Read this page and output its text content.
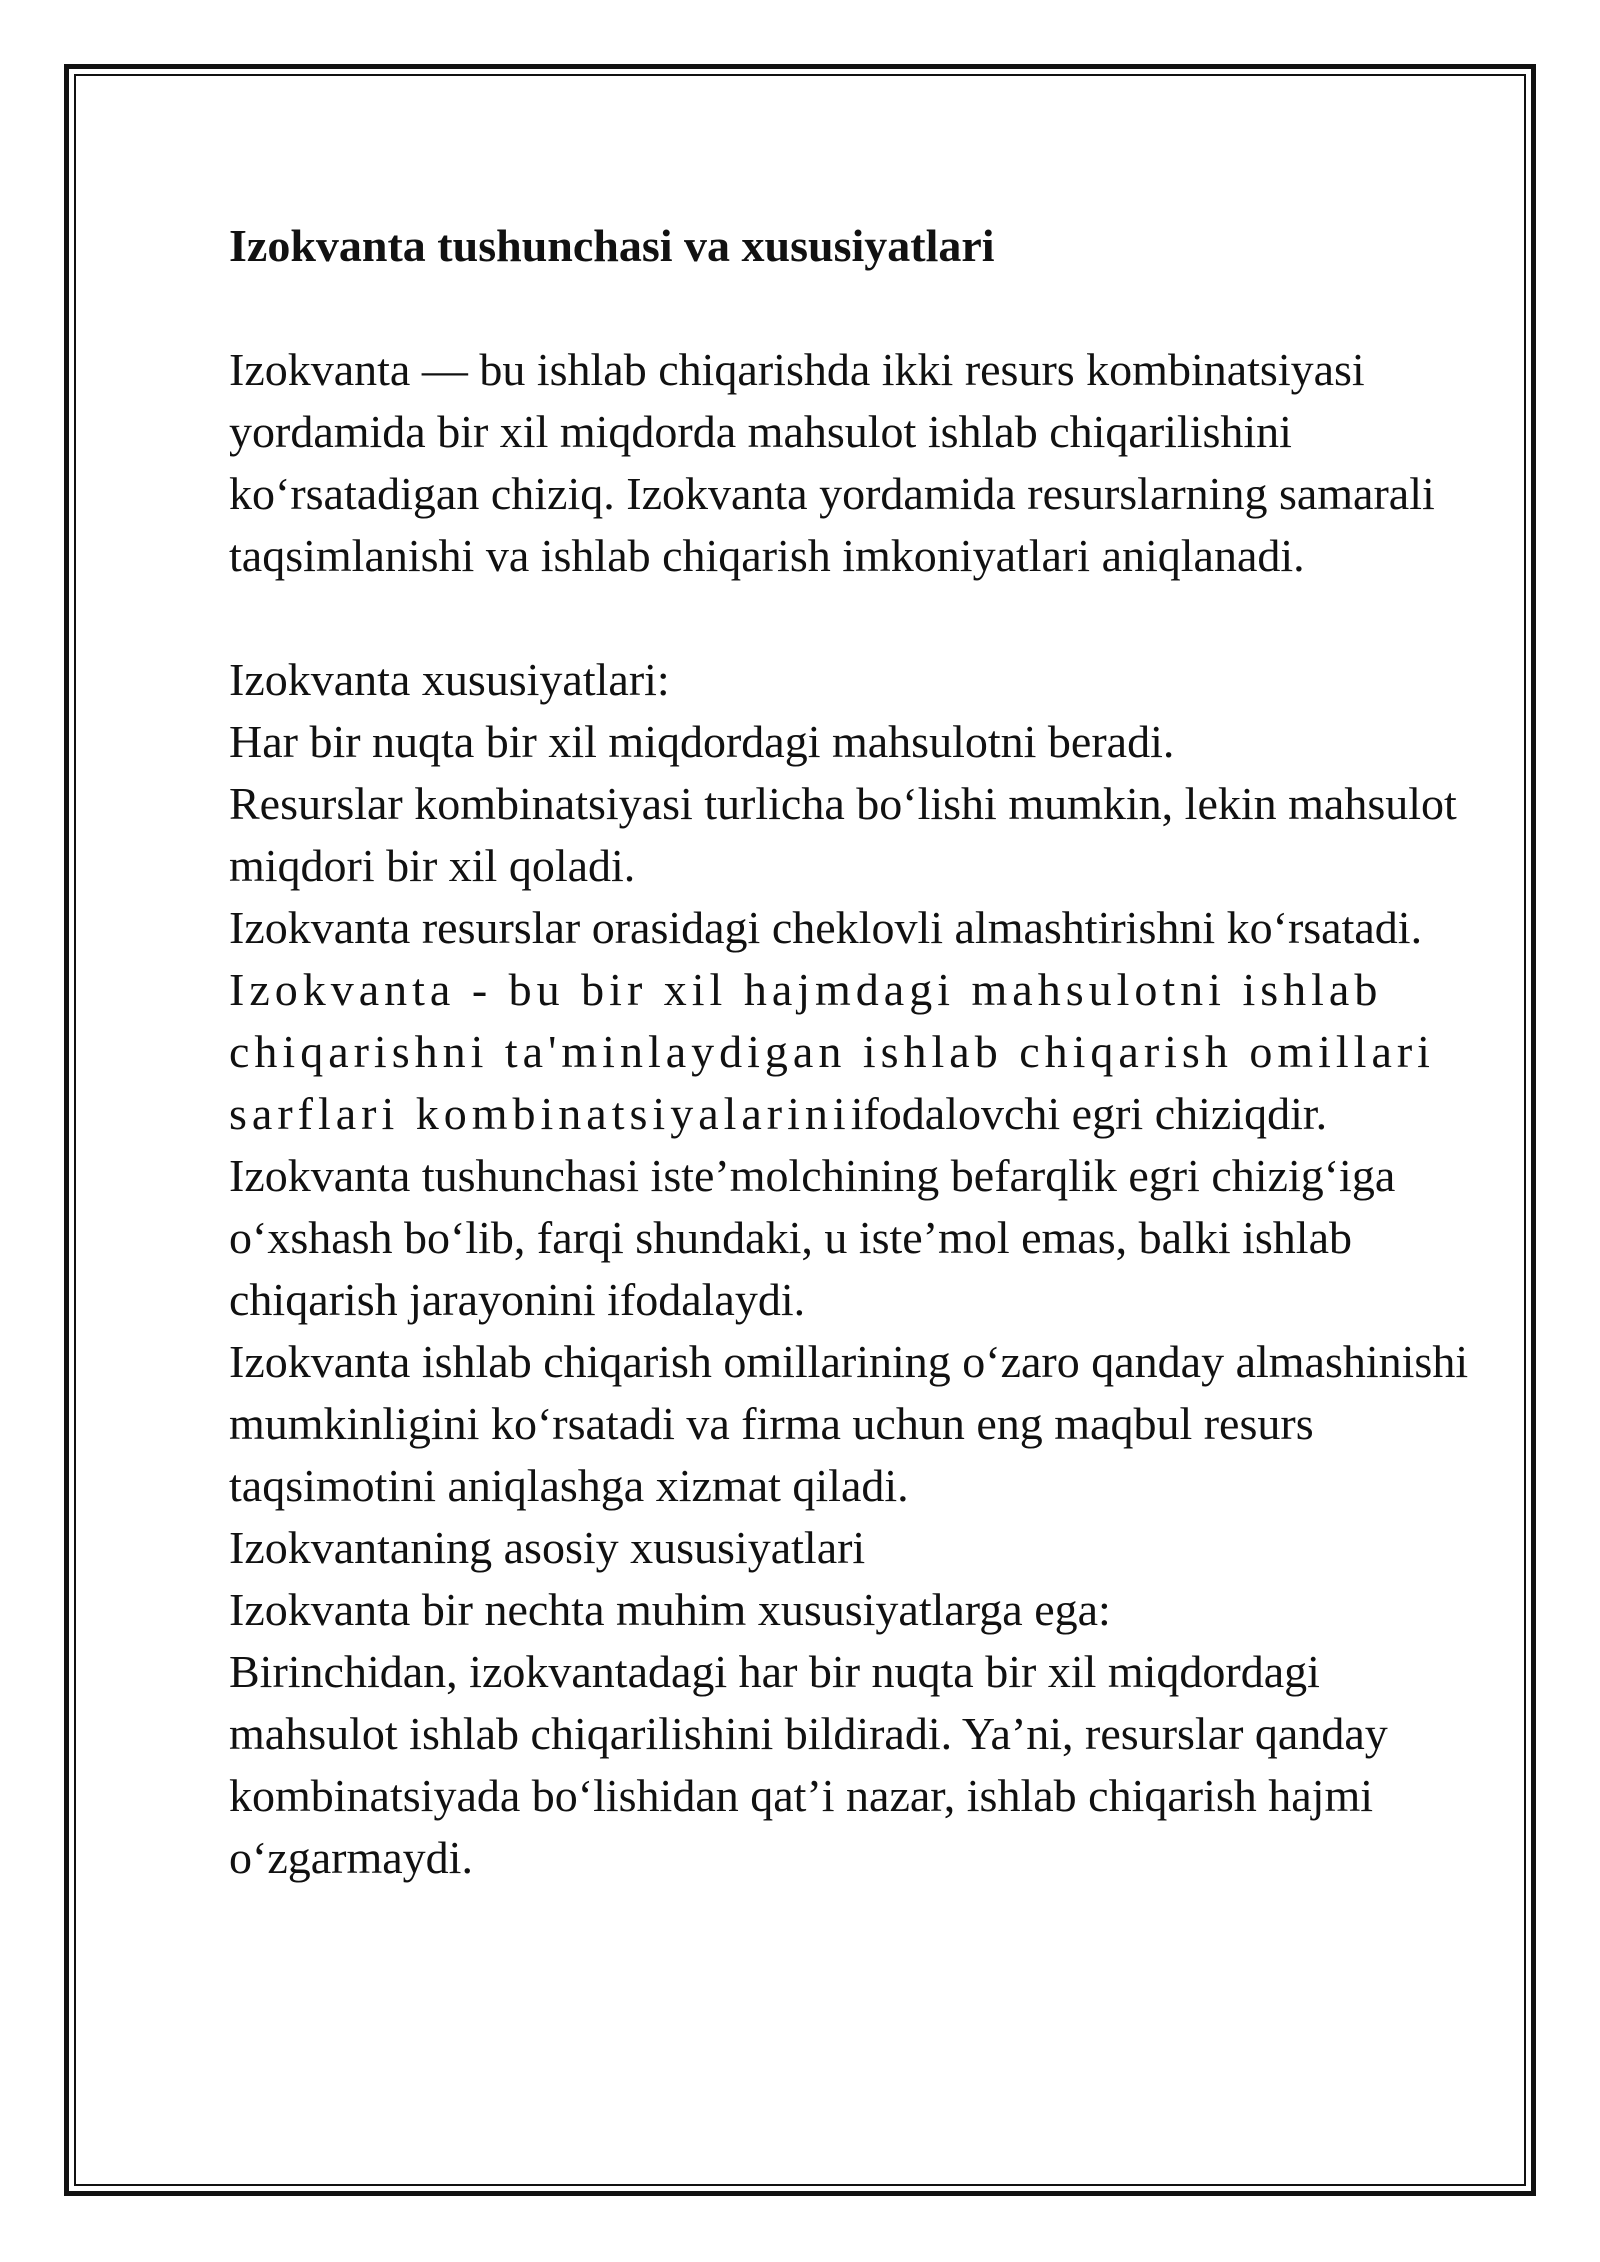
Izokvanta tushunchasi va xususiyatlari

Izokvanta — bu ishlab chiqarishda ikki resurs kombinatsiyasi yordamida bir xil miqdorda mahsulot ishlab chiqarilishini koʻrsatadigan chiziq. Izokvanta yordamida resurslarning samarali taqsimlanishi va ishlab chiqarish imkoniyatlari aniqlanadi.

Izokvanta xususiyatlari:

Har bir nuqta bir xil miqdordagi mahsulotni beradi.

Resurslar kombinatsiyasi turlicha boʻlishi mumkin, lekin mahsulot miqdori bir xil qoladi.

Izokvanta resurslar orasidagi cheklovli almashtirishni koʻrsatadi. Izokvanta - bu bir xil hajmdagi mahsulotni ishlab chiqarishni ta'minlaydigan ishlab chiqarish omillari sarflari kombinatsiyalariniifodalovchi egri chiziqdir.

Izokvanta tushunchasi iste’molchining befarqlik egri chizigʻiga oʻxshash boʻlib, farqi shundaki, u iste’mol emas, balki ishlab chiqarish jarayonini ifodalaydi.

Izokvanta ishlab chiqarish omillarining oʻzaro qanday almashinishi mumkinligini koʻrsatadi va firma uchun eng maqbul resurs taqsimotini aniqlashga xizmat qiladi.

Izokvantaning asosiy xususiyatlari

Izokvanta bir nechta muhim xususiyatlarga ega:

Birinchidan, izokvantadagi har bir nuqta bir xil miqdordagi mahsulot ishlab chiqarilishini bildiradi. Ya’ni, resurslar qanday kombinatsiyada boʻlishidan qat’i nazar, ishlab chiqarish hajmi oʻzgarmaydi.
